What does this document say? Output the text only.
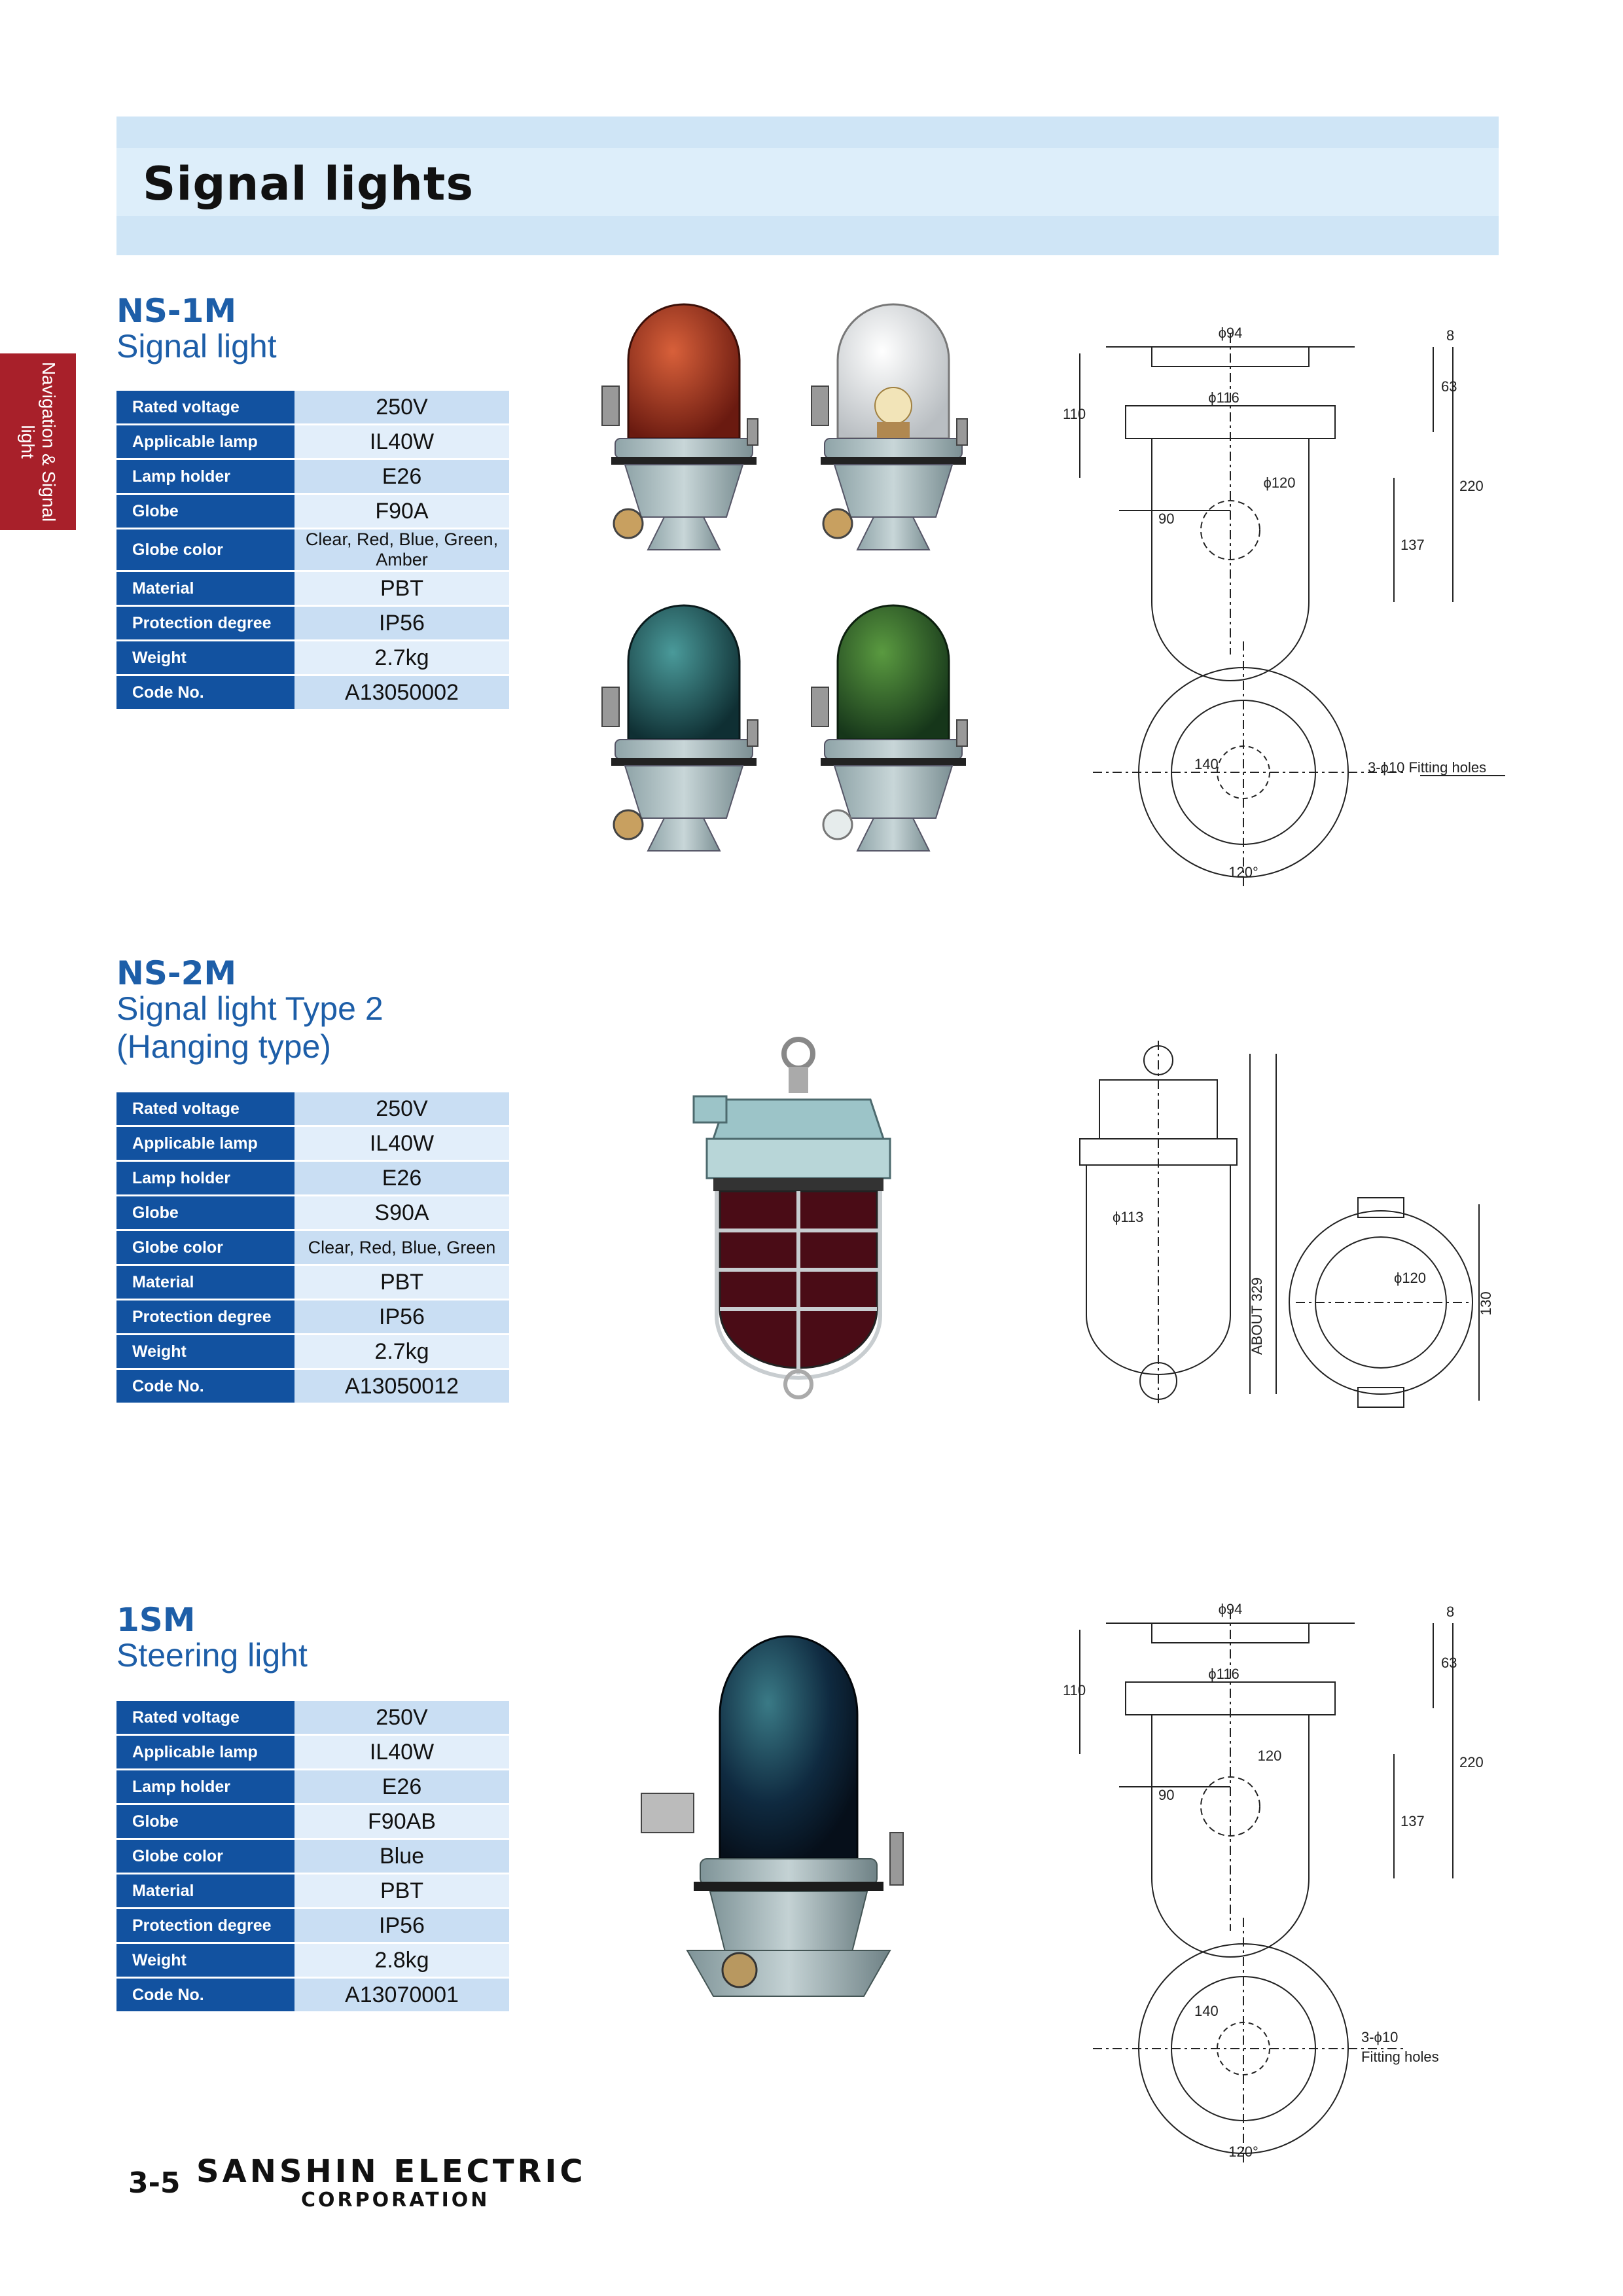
Signal lights
Navigation & Signal light
NS-1M
Signal light
Rated voltage	250V
Applicable lamp	IL40W
Lamp holder	E26
Globe	F90A
Globe color	Clear, Red, Blue, Green, Amber
Material	PBT
Protection degree	IP56
Weight	2.7kg
Code No.	A13050002
ϕ94
ϕ116
ϕ120
8
63
110
220
137
90
140	3-ϕ10 Fitting holes
120°
NS-2M
Signal light Type 2
(Hanging type)
Rated voltage	250V
Applicable lamp	IL40W
Lamp holder	E26
Globe	S90A
Globe color	Clear, Red, Blue, Green
Material	PBT
Protection degree	IP56
Weight	2.7kg
Code No.	A13050012
ϕ113
ABOUT 329	130
ϕ120
1SM
Steering light
Rated voltage	250V
Applicable lamp	IL40W
Lamp holder	E26
Globe	F90AB
Globe color	Blue
Material	PBT
Protection degree	IP56
Weight	2.8kg
Code No.	A13070001
ϕ94
ϕ116
120
8
63
110
220
137
90
140
3-ϕ10
Fitting holes
120°
3-5 SANSHIN ELECTRIC
CORPORATION
